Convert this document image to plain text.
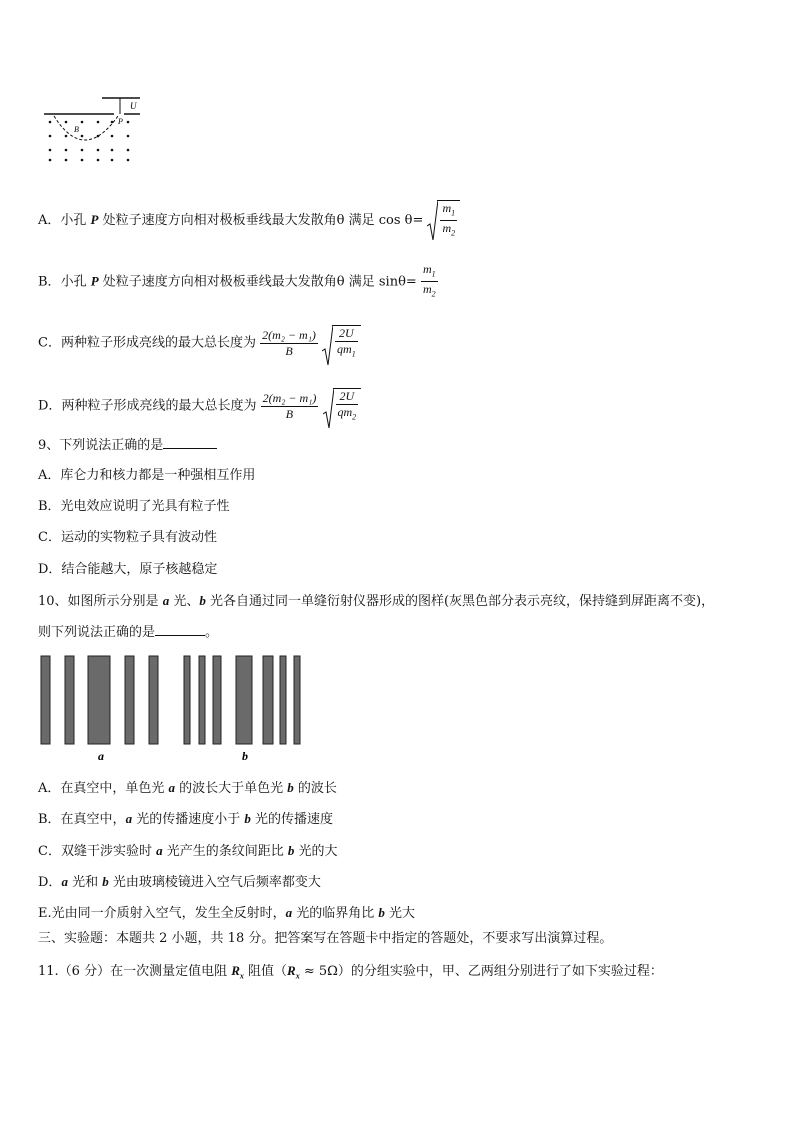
U
P
B
A．小孔 P 处粒子速度方向相对极板垂线最大发散角θ 满足 $\cos \theta= \frac{m_1}{m_2}$
B．小孔 P 处粒子速度方向相对极板垂线最大发散角θ 满足 $\sin\theta= \frac{m_1}{m_2}$
C．两种粒子形成亮线的最大总长度为 $\frac{\text{2(m₂ − m₁)}}{B}$
$\frac{2U}{qm_1}$
D．两种粒子形成亮线的最大总长度为 $\frac{\text{2(m₂ − m₁)}}{B}$
$\frac{2U}{qm_2}$
9、下列说法正确的是
A．库仑力和核力都是一种强相互作用
B．光电效应说明了光具有粒子性
C．运动的实物粒子具有波动性
D．结合能越大，原子核越稳定
10、如图所示分别是 a 光、b 光各自通过同一单缝衍射仪器形成的图样(灰黑色部分表示亮纹，保持缝到屏距离不变)，
则下列说法正确的是	。
a	b
A．在真空中，单色光 a 的波长大于单色光 b 的波长
B．在真空中，a 光的传播速度小于 b 光的传播速度
C．双缝干涉实验时 a 光产生的条纹间距比 b 光的大
D．a 光和 b 光由玻璃棱镜进入空气后频率都变大
E.光由同一介质射入空气，发生全反射时，a 光的临界角比 b 光大
三、实验题：本题共 2 小题，共 18 分。把答案写在答题卡中指定的答题处，不要求写出演算过程。
11.（6 分）在一次测量定值电阻 $R_x$ 阻值$(R_x \approx 5\Omega)$的分组实验中，甲、乙两组分别进行了如下实验过程：
